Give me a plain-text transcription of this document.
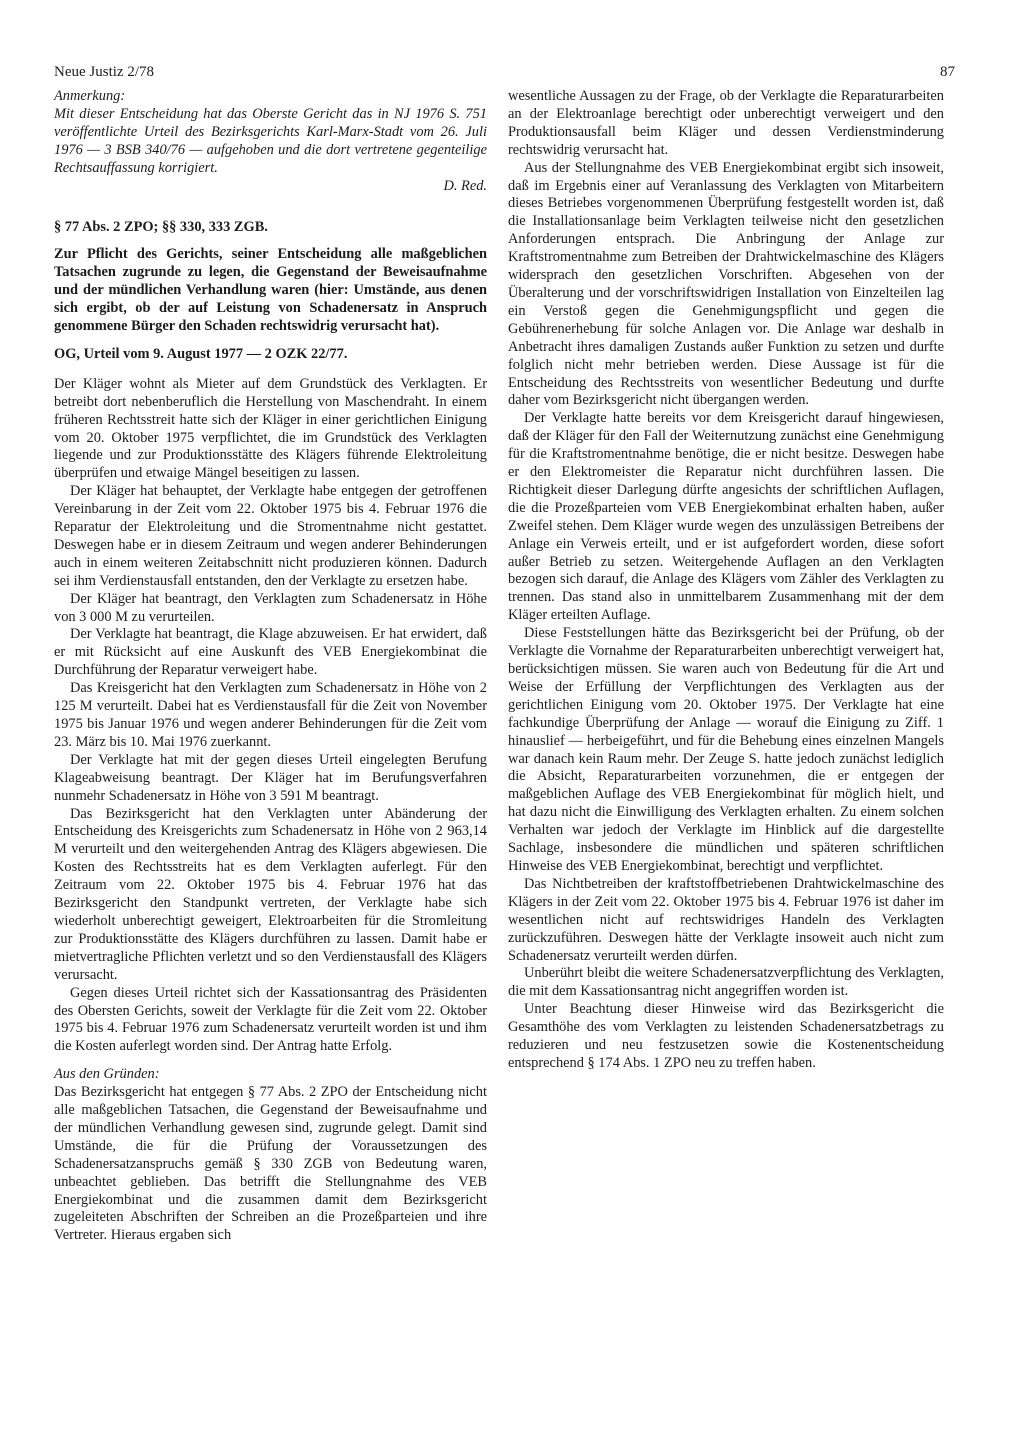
Neue Justiz 2/78	87

Anmerkung:

Mit dieser Entscheidung hat das Oberste Gericht das in NJ 1976 S. 751 veröffentlichte Urteil des Bezirksgerichts Karl-Marx-Stadt vom 26. Juli 1976 — 3 BSB 340/76 — aufgehoben und die dort vertretene gegenteilige Rechtsauffassung korrigiert.

D. Red.

§ 77 Abs. 2 ZPO; §§ 330, 333 ZGB.

Zur Pflicht des Gerichts, seiner Entscheidung alle maßgeblichen Tatsachen zugrunde zu legen, die Gegenstand der Beweisaufnahme und der mündlichen Verhandlung waren (hier: Umstände, aus denen sich ergibt, ob der auf Leistung von Schadenersatz in Anspruch genommene Bürger den Schaden rechtswidrig verursacht hat).

OG, Urteil vom 9. August 1977 — 2 OZK 22/77.

Der Kläger wohnt als Mieter auf dem Grundstück des Verklagten. Er betreibt dort nebenberuflich die Herstellung von Maschendraht. In einem früheren Rechtsstreit hatte sich der Kläger in einer gerichtlichen Einigung vom 20. Oktober 1975 verpflichtet, die im Grundstück des Verklagten liegende und zur Produktionsstätte des Klägers führende Elektroleitung überprüfen und etwaige Mängel beseitigen zu lassen.

Der Kläger hat behauptet, der Verklagte habe entgegen der getroffenen Vereinbarung in der Zeit vom 22. Oktober 1975 bis 4. Februar 1976 die Reparatur der Elektroleitung und die Stromentnahme nicht gestattet. Deswegen habe er in diesem Zeitraum und wegen anderer Behinderungen auch in einem weiteren Zeitabschnitt nicht produzieren können. Dadurch sei ihm Verdienstausfall entstanden, den der Verklagte zu ersetzen habe.

Der Kläger hat beantragt, den Verklagten zum Schadenersatz in Höhe von 3 000 M zu verurteilen.

Der Verklagte hat beantragt, die Klage abzuweisen. Er hat erwidert, daß er mit Rücksicht auf eine Auskunft des VEB Energiekombinat die Durchführung der Reparatur verweigert habe.

Das Kreisgericht hat den Verklagten zum Schadenersatz in Höhe von 2 125 M verurteilt. Dabei hat es Verdienstausfall für die Zeit von November 1975 bis Januar 1976 und wegen anderer Behinderungen für die Zeit vom 23. März bis 10. Mai 1976 zuerkannt.

Der Verklagte hat mit der gegen dieses Urteil eingelegten Berufung Klageabweisung beantragt. Der Kläger hat im Berufungsverfahren nunmehr Schadenersatz in Höhe von 3 591 M beantragt.

Das Bezirksgericht hat den Verklagten unter Abänderung der Entscheidung des Kreisgerichts zum Schadenersatz in Höhe von 2 963,14 M verurteilt und den weitergehenden Antrag des Klägers abgewiesen. Die Kosten des Rechtsstreits hat es dem Verklagten auferlegt. Für den Zeitraum vom 22. Oktober 1975 bis 4. Februar 1976 hat das Bezirksgericht den Standpunkt vertreten, der Verklagte habe sich wiederholt unberechtigt geweigert, Elektroarbeiten für die Stromleitung zur Produktionsstätte des Klägers durchführen zu lassen. Damit habe er mietvertragliche Pflichten verletzt und so den Verdienstausfall des Klägers verursacht.

Gegen dieses Urteil richtet sich der Kassationsantrag des Präsidenten des Obersten Gerichts, soweit der Verklagte für die Zeit vom 22. Oktober 1975 bis 4. Februar 1976 zum Schadenersatz verurteilt worden ist und ihm die Kosten auferlegt worden sind. Der Antrag hatte Erfolg.

Aus den Gründen:

Das Bezirksgericht hat entgegen § 77 Abs. 2 ZPO der Entscheidung nicht alle maßgeblichen Tatsachen, die Gegenstand der Beweisaufnahme und der mündlichen Verhandlung gewesen sind, zugrunde gelegt. Damit sind Umstände, die für die Prüfung der Voraussetzungen des Schadenersatzanspruchs gemäß § 330 ZGB von Bedeutung waren, unbeachtet geblieben. Das betrifft die Stellungnahme des VEB Energiekombinat und die zusammen damit dem Bezirksgericht zugeleiteten Abschriften der Schreiben an die Prozeßparteien und ihre Vertreter. Hieraus ergaben sich

wesentliche Aussagen zu der Frage, ob der Verklagte die Reparaturarbeiten an der Elektroanlage berechtigt oder unberechtigt verweigert und den Produktionsausfall beim Kläger und dessen Verdienstminderung rechtswidrig verursacht hat.

Aus der Stellungnahme des VEB Energiekombinat ergibt sich insoweit, daß im Ergebnis einer auf Veranlassung des Verklagten von Mitarbeitern dieses Betriebes vorgenommenen Überprüfung festgestellt worden ist, daß die Installationsanlage beim Verklagten teilweise nicht den gesetzlichen Anforderungen entsprach. Die Anbringung der Anlage zur Kraftstromentnahme zum Betreiben der Drahtwickelmaschine des Klägers widersprach den gesetzlichen Vorschriften. Abgesehen von der Überalterung und der vorschriftswidrigen Installation von Einzelteilen lag ein Verstoß gegen die Genehmigungspflicht und gegen die Gebührenerhebung für solche Anlagen vor. Die Anlage war deshalb in Anbetracht ihres damaligen Zustands außer Funktion zu setzen und durfte folglich nicht mehr betrieben werden. Diese Aussage ist für die Entscheidung des Rechtsstreits von wesentlicher Bedeutung und durfte daher vom Bezirksgericht nicht übergangen werden.

Der Verklagte hatte bereits vor dem Kreisgericht darauf hingewiesen, daß der Kläger für den Fall der Weiternutzung zunächst eine Genehmigung für die Kraftstromentnahme benötige, die er nicht besitze. Deswegen habe er den Elektromeister die Reparatur nicht durchführen lassen. Die Richtigkeit dieser Darlegung dürfte angesichts der schriftlichen Auflagen, die die Prozeßparteien vom VEB Energiekombinat erhalten haben, außer Zweifel stehen. Dem Kläger wurde wegen des unzulässigen Betreibens der Anlage ein Verweis erteilt, und er ist aufgefordert worden, diese sofort außer Betrieb zu setzen. Weitergehende Auflagen an den Verklagten bezogen sich darauf, die Anlage des Klägers vom Zähler des Verklagten zu trennen. Das stand also in unmittelbarem Zusammenhang mit der dem Kläger erteilten Auflage.

Diese Feststellungen hätte das Bezirksgericht bei der Prüfung, ob der Verklagte die Vornahme der Reparaturarbeiten unberechtigt verweigert hat, berücksichtigen müssen. Sie waren auch von Bedeutung für die Art und Weise der Erfüllung der Verpflichtungen des Verklagten aus der gerichtlichen Einigung vom 20. Oktober 1975. Der Verklagte hat eine fachkundige Überprüfung der Anlage — worauf die Einigung zu Ziff. 1 hinauslief — herbeigeführt, und für die Behebung eines einzelnen Mangels war danach kein Raum mehr. Der Zeuge S. hatte jedoch zunächst lediglich die Absicht, Reparaturarbeiten vorzunehmen, die er entgegen der maßgeblichen Auflage des VEB Energiekombinat für möglich hielt, und hat dazu nicht die Einwilligung des Verklagten erhalten. Zu einem solchen Verhalten war jedoch der Verklagte im Hinblick auf die dargestellte Sachlage, insbesondere die mündlichen und späteren schriftlichen Hinweise des VEB Energiekombinat, berechtigt und verpflichtet.

Das Nichtbetreiben der kraftstoffbetriebenen Drahtwickelmaschine des Klägers in der Zeit vom 22. Oktober 1975 bis 4. Februar 1976 ist daher im wesentlichen nicht auf rechtswidriges Handeln des Verklagten zurückzuführen. Deswegen hätte der Verklagte insoweit auch nicht zum Schadenersatz verurteilt werden dürfen.

Unberührt bleibt die weitere Schadenersatzverpflichtung des Verklagten, die mit dem Kassationsantrag nicht angegriffen worden ist.

Unter Beachtung dieser Hinweise wird das Bezirksgericht die Gesamthöhe des vom Verklagten zu leistenden Schadenersatzbetrags zu reduzieren und neu festzusetzen sowie die Kostenentscheidung entsprechend § 174 Abs. 1 ZPO neu zu treffen haben.
